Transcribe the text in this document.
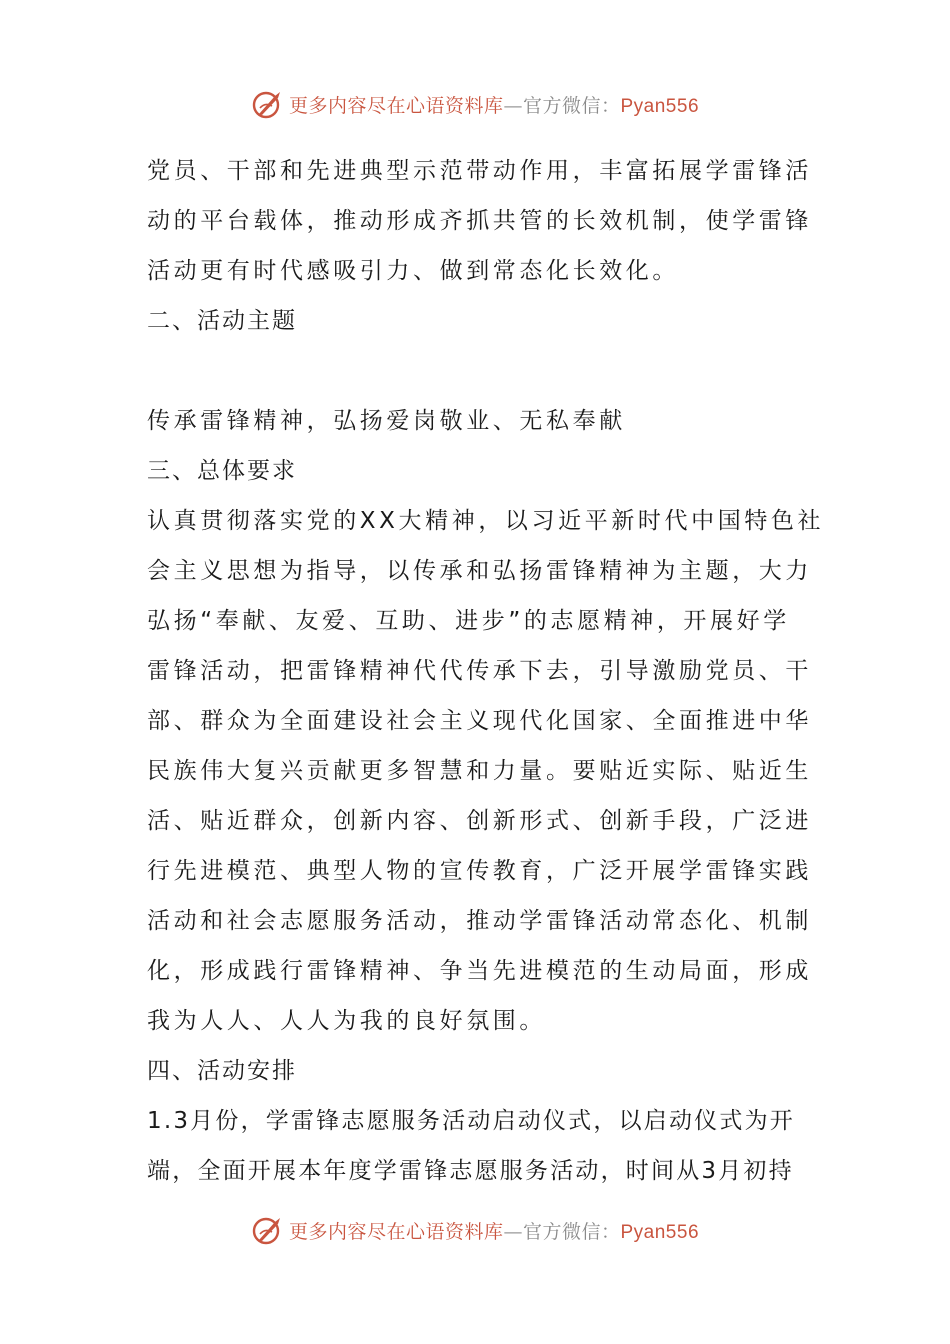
更多内容尽在心语资料库—官方微信：Pyan556
党员、干部和先进典型示范带动作用，丰富拓展学雷锋活
动的平台载体，推动形成齐抓共管的长效机制，使学雷锋
活动更有时代感吸引力、做到常态化长效化。
二、活动主题
传承雷锋精神，弘扬爱岗敬业、无私奉献
三、总体要求
认真贯彻落实党的XX大精神，以习近平新时代中国特色社
会主义思想为指导，以传承和弘扬雷锋精神为主题，大力
弘扬“奉献、友爱、互助、进步”的志愿精神，开展好学
雷锋活动，把雷锋精神代代传承下去，引导激励党员、干
部、群众为全面建设社会主义现代化国家、全面推进中华
民族伟大复兴贡献更多智慧和力量。要贴近实际、贴近生
活、贴近群众，创新内容、创新形式、创新手段，广泛进
行先进模范、典型人物的宣传教育，广泛开展学雷锋实践
活动和社会志愿服务活动，推动学雷锋活动常态化、机制
化，形成践行雷锋精神、争当先进模范的生动局面，形成
我为人人、人人为我的良好氛围。
四、活动安排
1.3月份，学雷锋志愿服务活动启动仪式，以启动仪式为开
端，全面开展本年度学雷锋志愿服务活动，时间从3月初持
更多内容尽在心语资料库—官方微信：Pyan556
